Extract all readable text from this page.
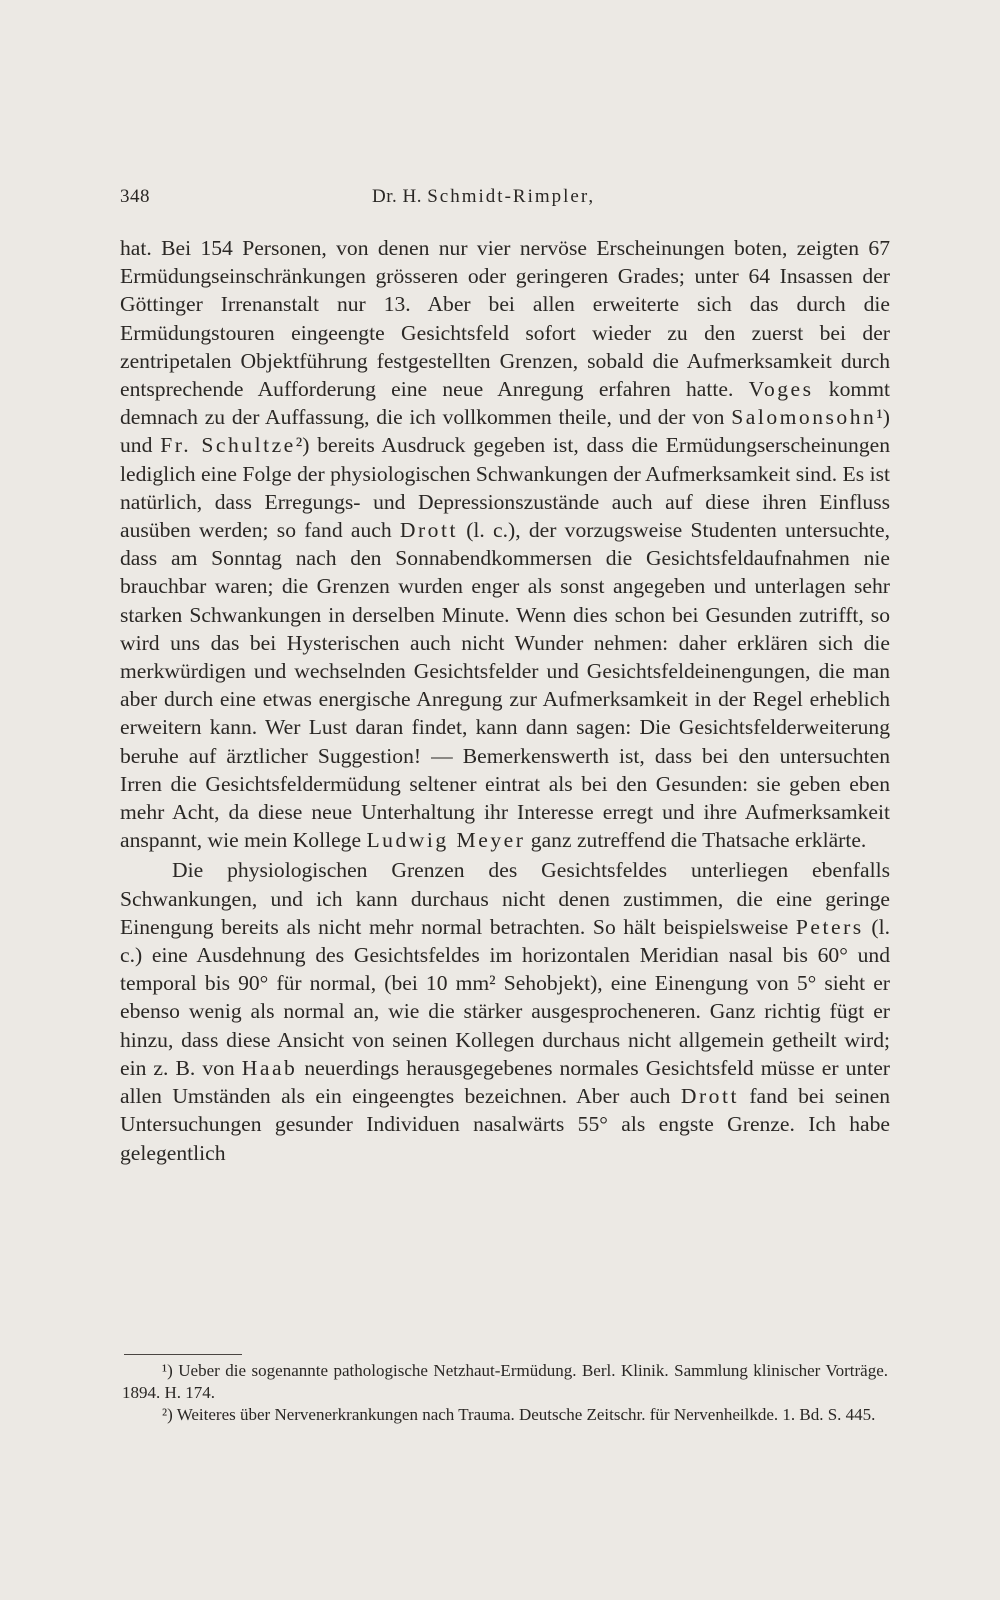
348	Dr. H. Schmidt-Rimpler,

hat. Bei 154 Personen, von denen nur vier nervöse Erscheinungen boten, zeigten 67 Ermüdungseinschränkungen grösseren oder geringeren Grades; unter 64 Insassen der Göttinger Irrenanstalt nur 13. Aber bei allen erweiterte sich das durch die Ermüdungstouren eingeengte Gesichtsfeld sofort wieder zu den zuerst bei der zentripetalen Objektführung festgestellten Grenzen, sobald die Aufmerksamkeit durch entsprechende Aufforderung eine neue Anregung erfahren hatte. Voges kommt demnach zu der Auffassung, die ich vollkommen theile, und der von Salomonsohn¹) und Fr. Schultze²) bereits Ausdruck gegeben ist, dass die Ermüdungserscheinungen lediglich eine Folge der physiologischen Schwankungen der Aufmerksamkeit sind. Es ist natürlich, dass Erregungs- und Depressionszustände auch auf diese ihren Einfluss ausüben werden; so fand auch Drott (l. c.), der vorzugsweise Studenten untersuchte, dass am Sonntag nach den Sonnabendkommersen die Gesichtsfeldaufnahmen nie brauchbar waren; die Grenzen wurden enger als sonst angegeben und unterlagen sehr starken Schwankungen in derselben Minute. Wenn dies schon bei Gesunden zutrifft, so wird uns das bei Hysterischen auch nicht Wunder nehmen: daher erklären sich die merkwürdigen und wechselnden Gesichtsfelder und Gesichtsfeldeinengungen, die man aber durch eine etwas energische Anregung zur Aufmerksamkeit in der Regel erheblich erweitern kann. Wer Lust daran findet, kann dann sagen: Die Gesichtsfelderweiterung beruhe auf ärztlicher Suggestion! — Bemerkenswerth ist, dass bei den untersuchten Irren die Gesichtsfeldermüdung seltener eintrat als bei den Gesunden: sie geben eben mehr Acht, da diese neue Unterhaltung ihr Interesse erregt und ihre Aufmerksamkeit anspannt, wie mein Kollege Ludwig Meyer ganz zutreffend die Thatsache erklärte.

Die physiologischen Grenzen des Gesichtsfeldes unterliegen ebenfalls Schwankungen, und ich kann durchaus nicht denen zustimmen, die eine geringe Einengung bereits als nicht mehr normal betrachten. So hält beispielsweise Peters (l. c.) eine Ausdehnung des Gesichtsfeldes im horizontalen Meridian nasal bis 60° und temporal bis 90° für normal, (bei 10 mm² Sehobjekt), eine Einengung von 5° sieht er ebenso wenig als normal an, wie die stärker ausgesprocheneren. Ganz richtig fügt er hinzu, dass diese Ansicht von seinen Kollegen durchaus nicht allgemein getheilt wird; ein z. B. von Haab neuerdings herausgegebenes normales Gesichtsfeld müsse er unter allen Umständen als ein eingeengtes bezeichnen. Aber auch Drott fand bei seinen Untersuchungen gesunder Individuen nasalwärts 55° als engste Grenze. Ich habe gelegentlich

¹) Ueber die sogenannte pathologische Netzhaut-Ermüdung. Berl. Klinik. Sammlung klinischer Vorträge. 1894. H. 174.

²) Weiteres über Nervenerkrankungen nach Trauma. Deutsche Zeitschr. für Nervenheilkde. 1. Bd. S. 445.
